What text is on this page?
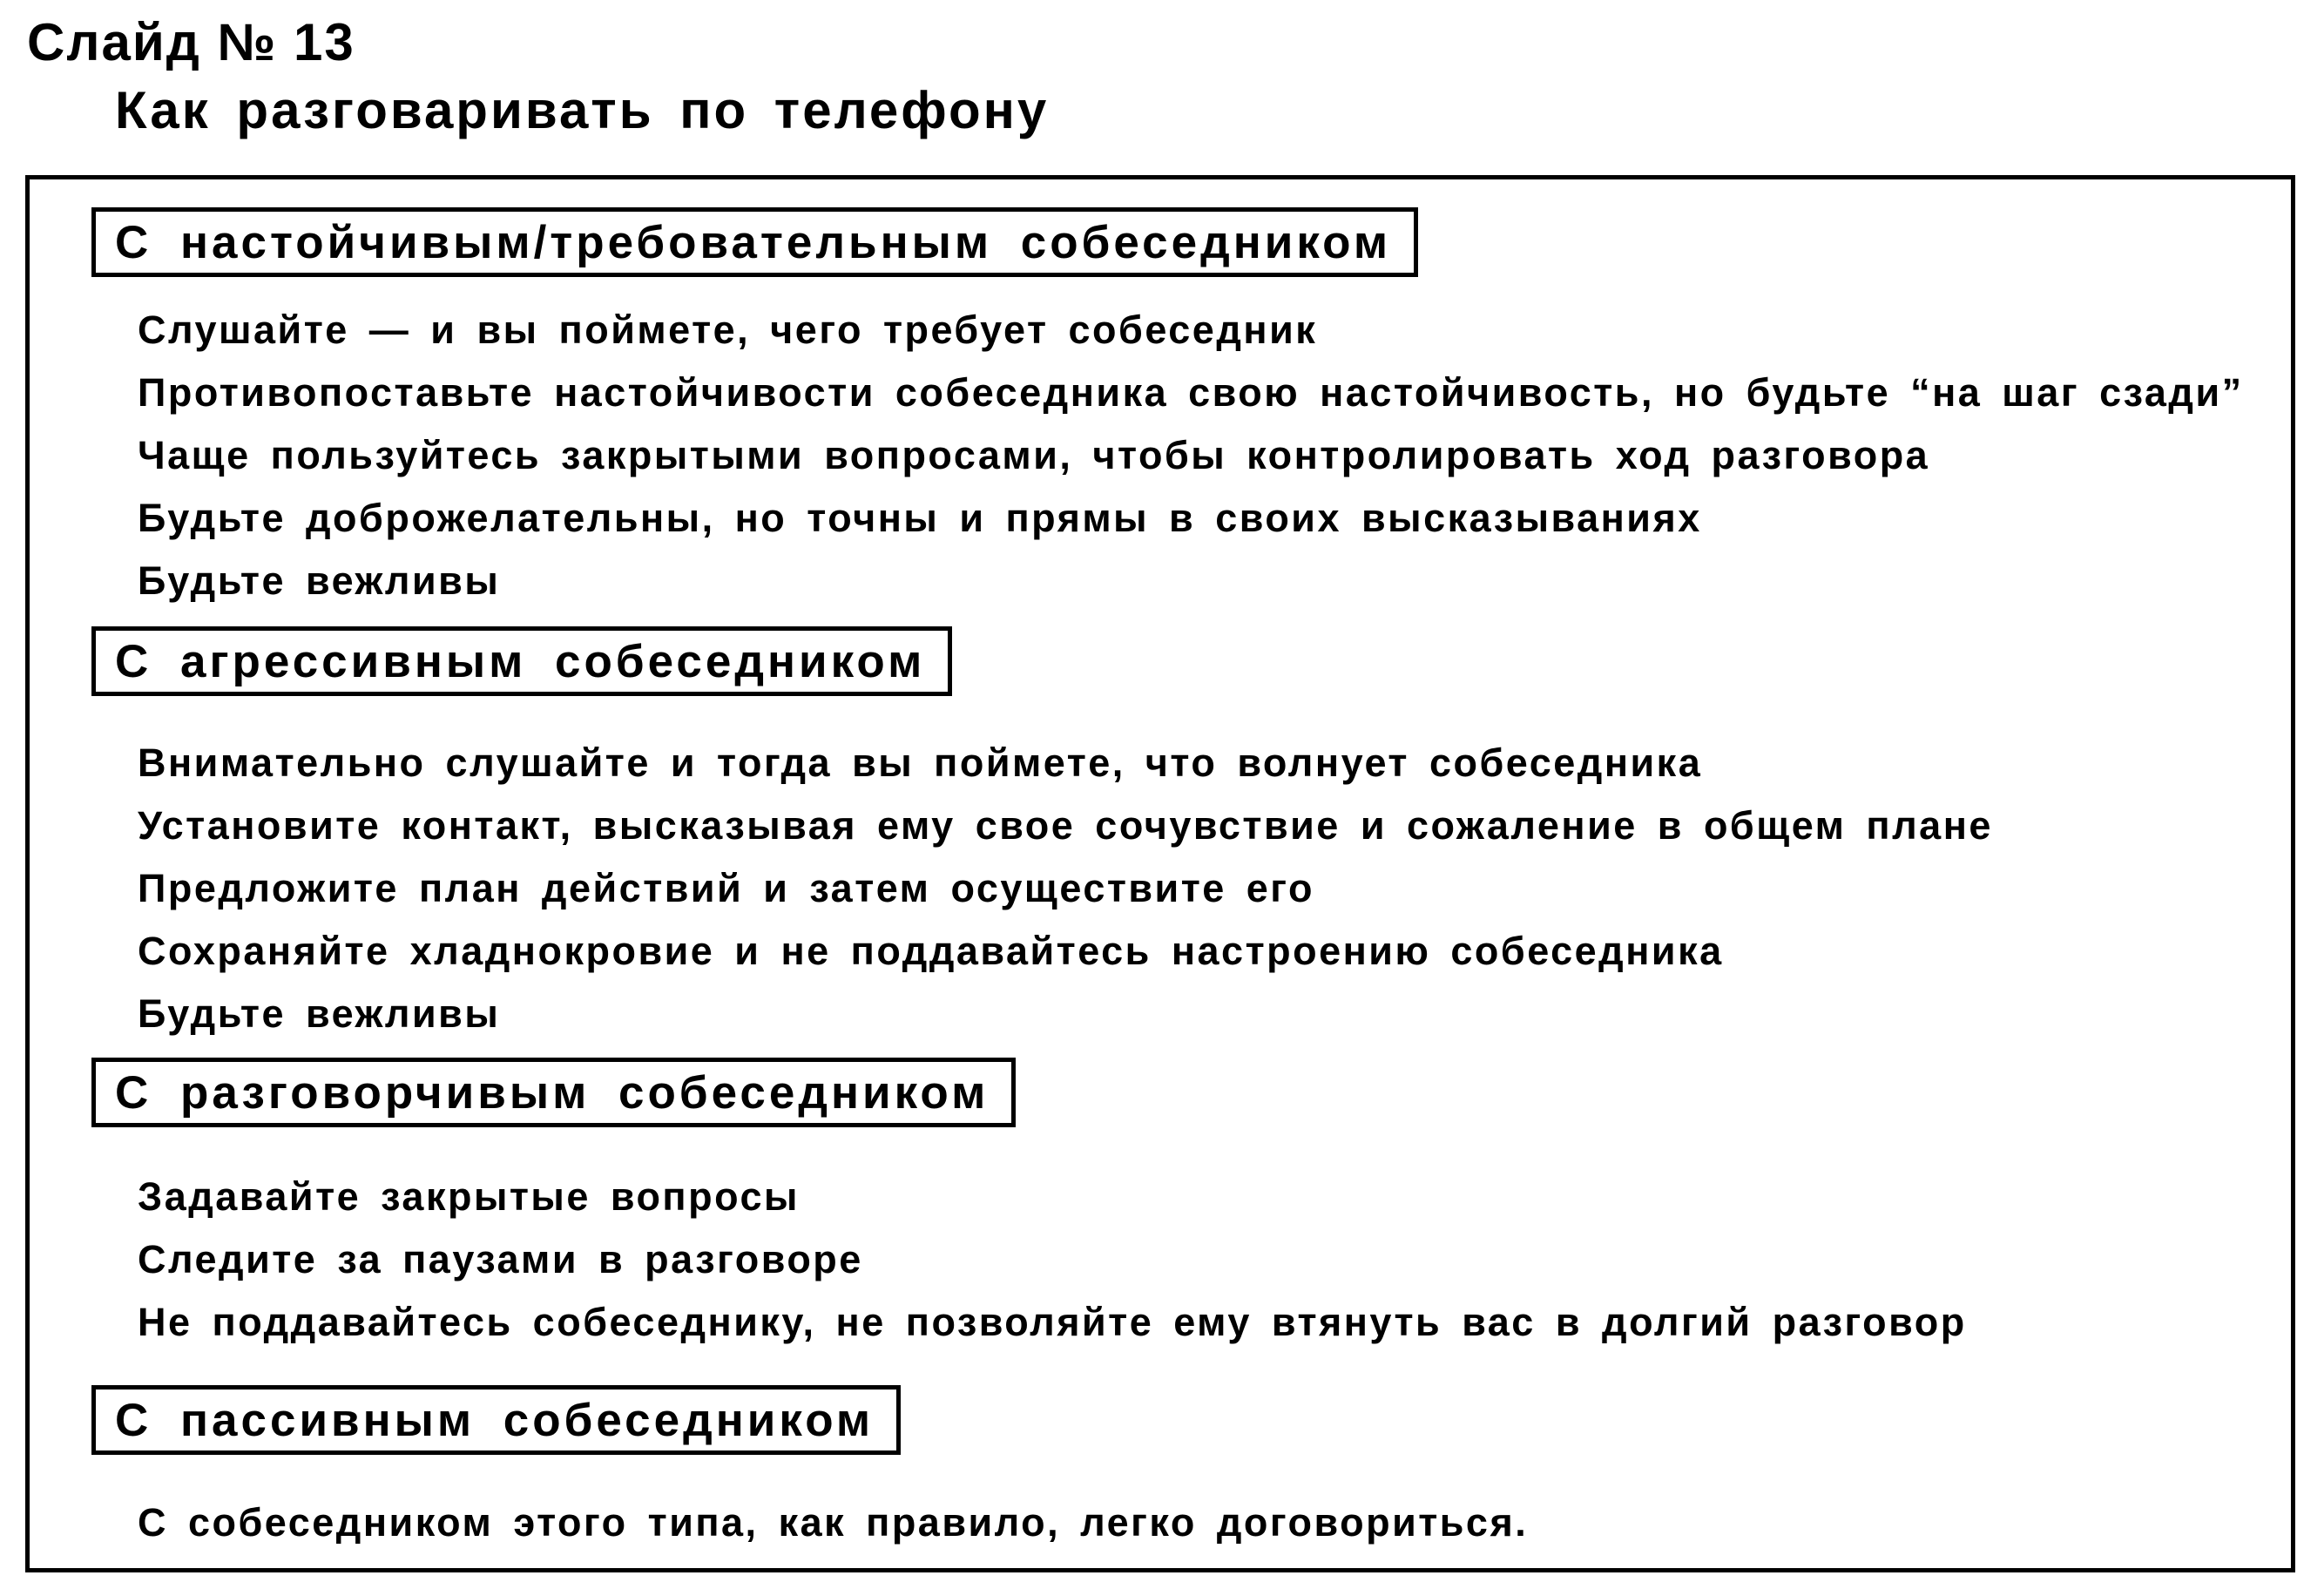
Слайд № 13
Как разговаривать по телефону
С настойчивым/требовательным собеседником
Слушайте — и вы поймете, чего требует собеседник
Противопоставьте настойчивости собеседника свою настойчивость, но будьте “на шаг сзади”
Чаще пользуйтесь закрытыми вопросами, чтобы контролировать ход разговора
Будьте доброжелательны, но точны и прямы в своих высказываниях
Будьте вежливы
С агрессивным собеседником
Внимательно слушайте и тогда вы поймете, что волнует собеседника
Установите контакт, высказывая ему свое сочувствие и сожаление в общем плане
Предложите план действий и затем осуществите его
Сохраняйте хладнокровие и не поддавайтесь настроению собеседника
Будьте вежливы
С разговорчивым собеседником
Задавайте закрытые вопросы
Следите за паузами в разговоре
Не поддавайтесь собеседнику, не позволяйте ему втянуть вас в долгий разговор
С пассивным собеседником
С собеседником этого типа, как правило, легко договориться.
